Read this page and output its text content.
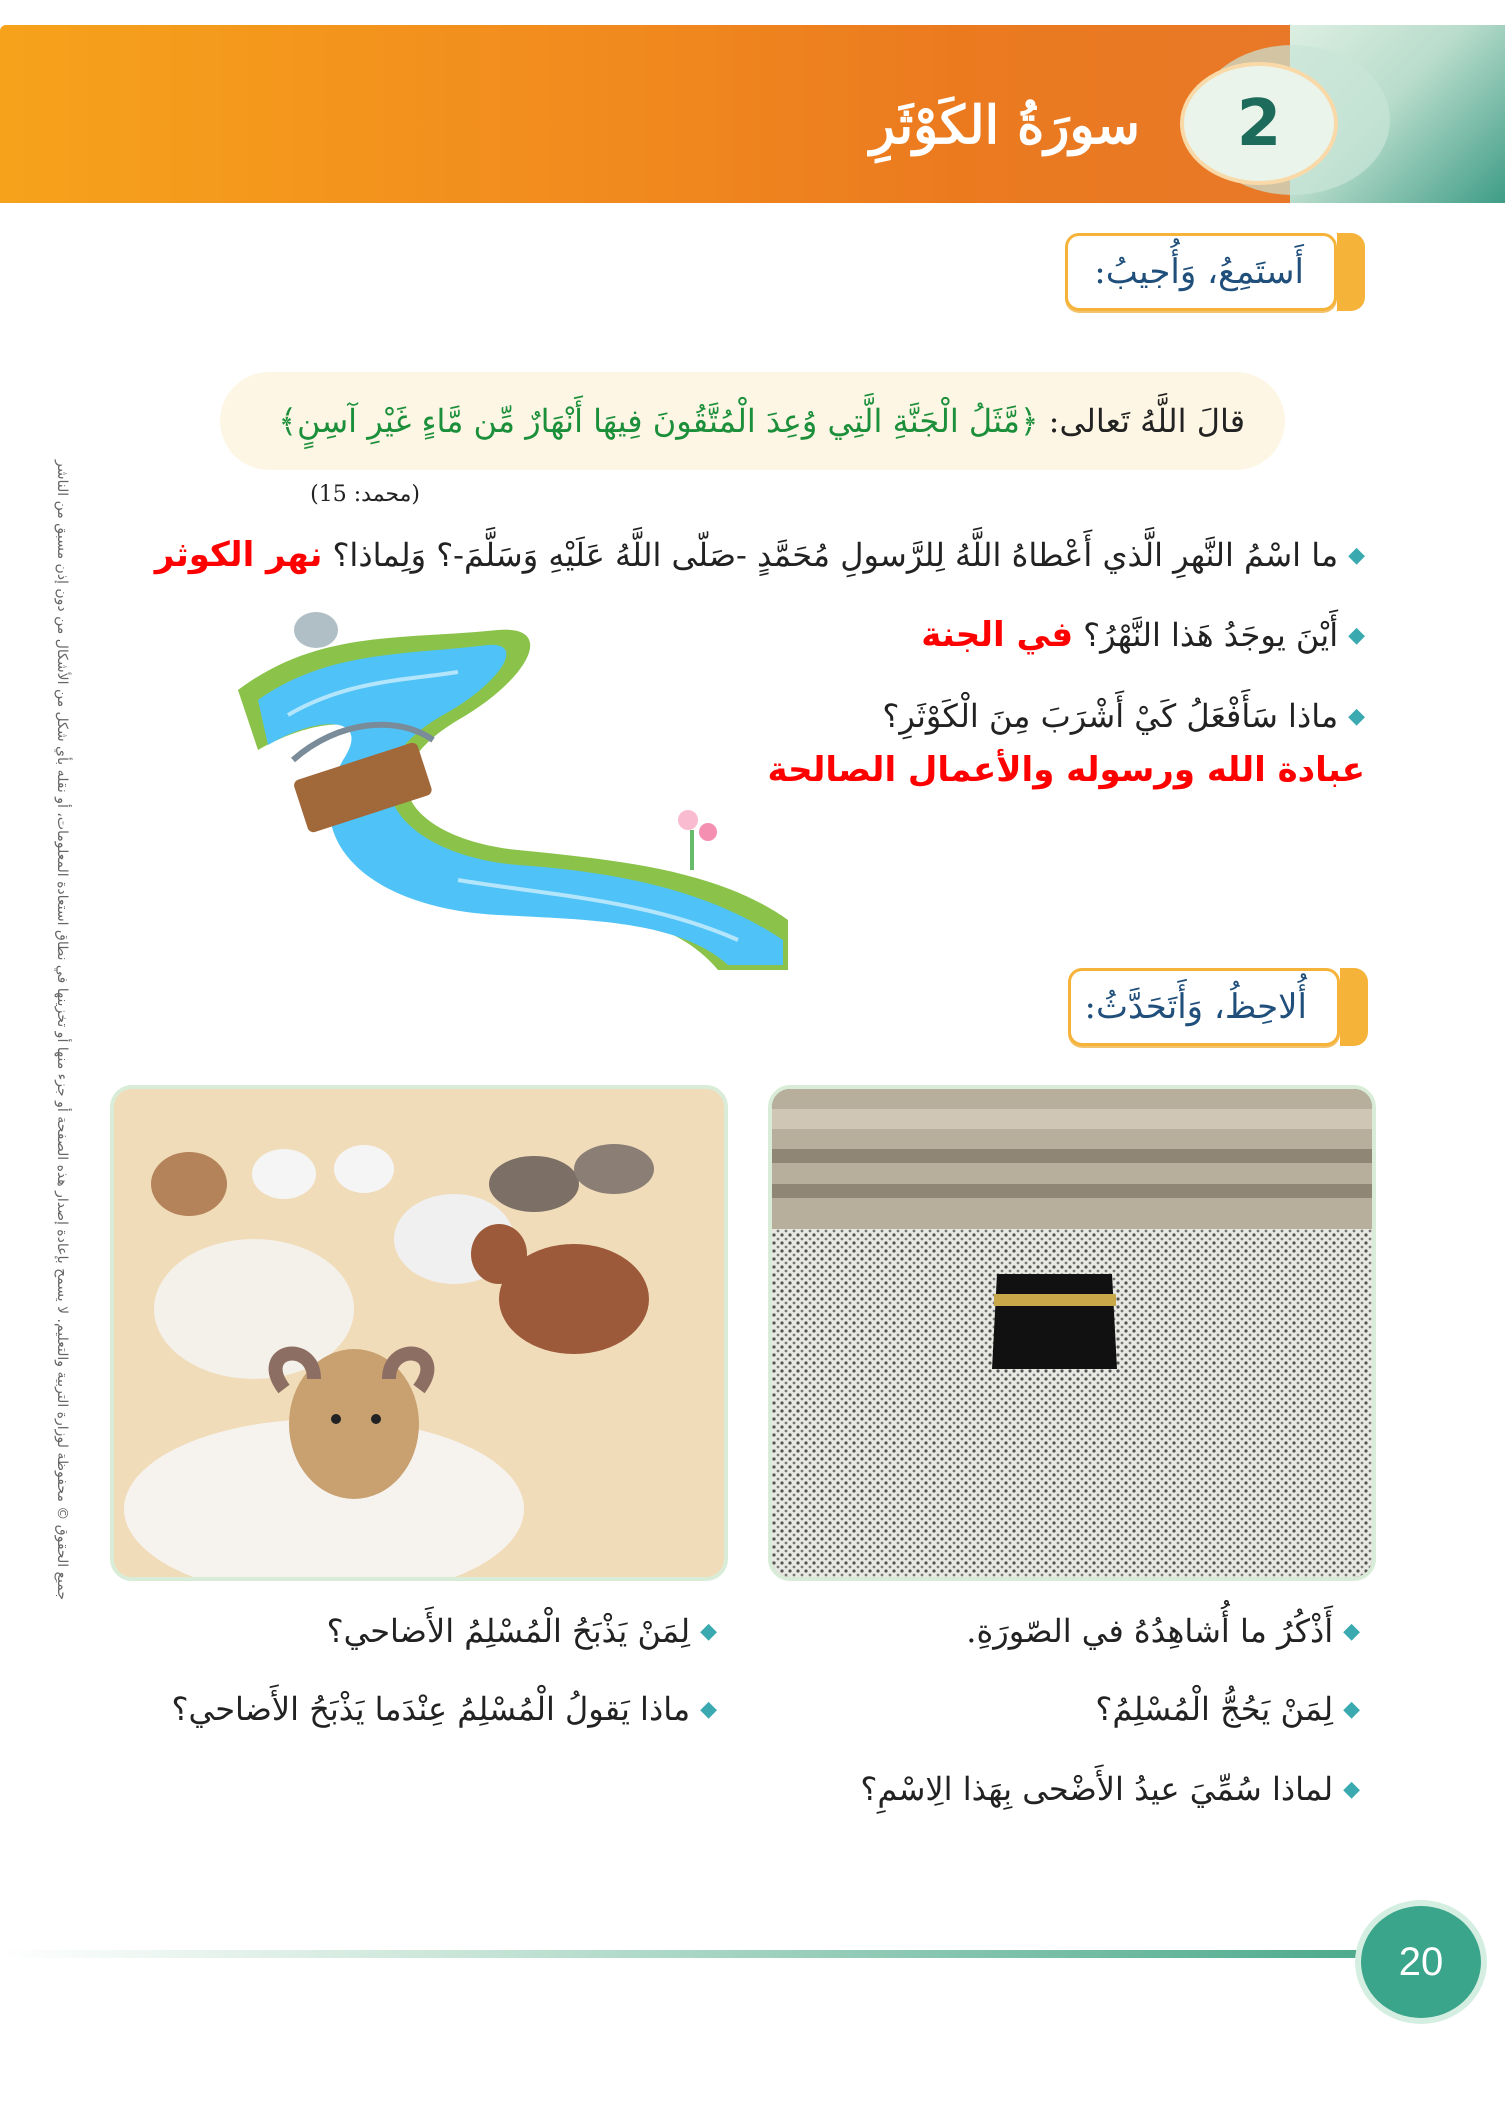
2
سورَةُ الكَوْثَرِ
أَستَمِعُ، وَأُجيبُ:
قالَ اللَّهُ تَعالى:
﴿مَّثَلُ الْجَنَّةِ الَّتِي وُعِدَ الْمُتَّقُونَ فِيهَا أَنْهَارٌ مِّن مَّاءٍ غَيْرِ آسِنٍ﴾
(محمد: 15)
◆
ما اسْمُ النَّهرِ الَّذي أَعْطاهُ اللَّهُ لِلرَّسولِ مُحَمَّدٍ -صَلّى اللَّهُ عَلَيْهِ وَسَلَّمَ-؟ وَلِماذا؟
نهر الكوثر
◆
أَيْنَ يوجَدُ هَذا النَّهْرُ؟
في الجنة
◆
ماذا سَأَفْعَلُ كَيْ أَشْرَبَ مِنَ الْكَوْثَرِ؟
عبادة الله ورسوله والأعمال الصالحة
أُلاحِظُ، وَأَتَحَدَّثُ:
◆
أَذْكُرُ ما أُشاهِدُهُ في الصّورَةِ.
◆
لِمَنْ يَحُجُّ الْمُسْلِمُ؟
◆
لماذا سُمِّيَ عيدُ الأَضْحى بِهَذا الِاسْمِ؟
◆
لِمَنْ يَذْبَحُ الْمُسْلِمُ الأَضاحي؟
◆
ماذا يَقولُ الْمُسْلِمُ عِنْدَما يَذْبَحُ الأَضاحي؟
20
جميع الحقوق © محفوظة لوزارة التربية والتعليم. لا يسمح بإعادة إصدار هذه الصفحة أو جزء منها أو تخزينها في نطاق استعادة المعلومات، أو نقله بأي شكل من الأشكال من دون إذن مسبق من الناشر
